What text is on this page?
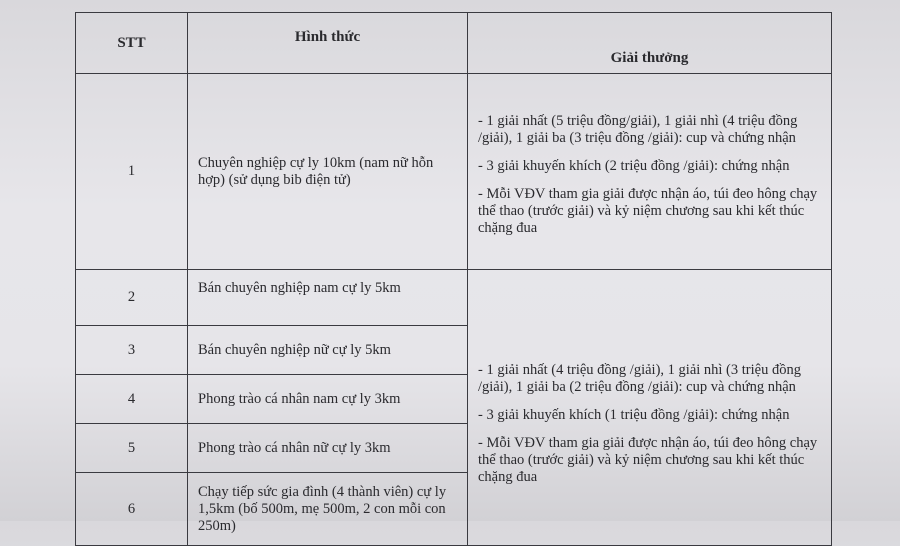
STT	Hình thức	Giải thưởng
1	Chuyên nghiệp cự ly 10km (nam nữ hỗn hợp) (sử dụng bib điện tử)	- 1 giải nhất (5 triệu đồng/giải), 1 giải nhì (4 triệu đồng /giải), 1 giải ba (3 triệu đồng /giải): cup và chứng nhận

- 3 giải khuyến khích (2 triệu đồng /giải): chứng nhận

- Mỗi VĐV tham gia giải được nhận áo, túi đeo hông chạy thể thao (trước giải) và kỷ niệm chương sau khi kết thúc chặng đua

2	Bán chuyên nghiệp nam cự ly 5km	- 1 giải nhất (4 triệu đồng /giải), 1 giải nhì (3 triệu đồng /giải), 1 giải ba (2 triệu đồng /giải): cup và chứng nhận

- 3 giải khuyến khích (1 triệu đồng /giải): chứng nhận

- Mỗi VĐV tham gia giải được nhận áo, túi đeo hông chạy thể thao (trước giải) và kỷ niệm chương sau khi kết thúc chặng đua

3	Bán chuyên nghiệp nữ cự ly 5km	
4	Phong trào cá nhân nam cự ly 3km	
5	Phong trào cá nhân nữ cự ly 3km	
6	Chạy tiếp sức gia đình (4 thành viên) cự ly 1,5km (bố 500m, mẹ 500m, 2 con mỗi con 250m)	
